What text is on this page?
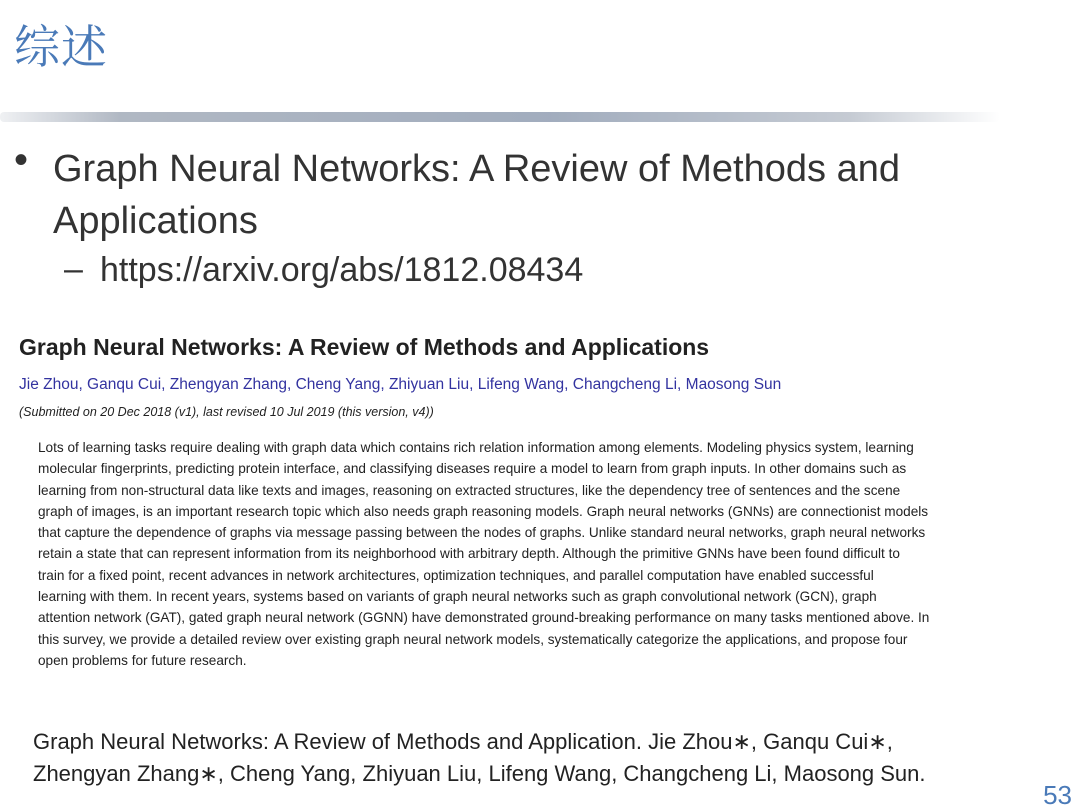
综述
• Graph Neural Networks: A Review of Methods and Applications
– https://arxiv.org/abs/1812.08434
Graph Neural Networks: A Review of Methods and Applications
Jie Zhou, Ganqu Cui, Zhengyan Zhang, Cheng Yang, Zhiyuan Liu, Lifeng Wang, Changcheng Li, Maosong Sun
(Submitted on 20 Dec 2018 (v1), last revised 10 Jul 2019 (this version, v4))
Lots of learning tasks require dealing with graph data which contains rich relation information among elements. Modeling physics system, learning
molecular fingerprints, predicting protein interface, and classifying diseases require a model to learn from graph inputs. In other domains such as
learning from non-structural data like texts and images, reasoning on extracted structures, like the dependency tree of sentences and the scene
graph of images, is an important research topic which also needs graph reasoning models. Graph neural networks (GNNs) are connectionist models
that capture the dependence of graphs via message passing between the nodes of graphs. Unlike standard neural networks, graph neural networks
retain a state that can represent information from its neighborhood with arbitrary depth. Although the primitive GNNs have been found difficult to
train for a fixed point, recent advances in network architectures, optimization techniques, and parallel computation have enabled successful
learning with them. In recent years, systems based on variants of graph neural networks such as graph convolutional network (GCN), graph
attention network (GAT), gated graph neural network (GGNN) have demonstrated ground-breaking performance on many tasks mentioned above. In
this survey, we provide a detailed review over existing graph neural network models, systematically categorize the applications, and propose four
open problems for future research.
Graph Neural Networks: A Review of Methods and Application. Jie Zhou∗, Ganqu Cui∗,
Zhengyan Zhang∗, Cheng Yang, Zhiyuan Liu, Lifeng Wang, Changcheng Li, Maosong Sun.
53
